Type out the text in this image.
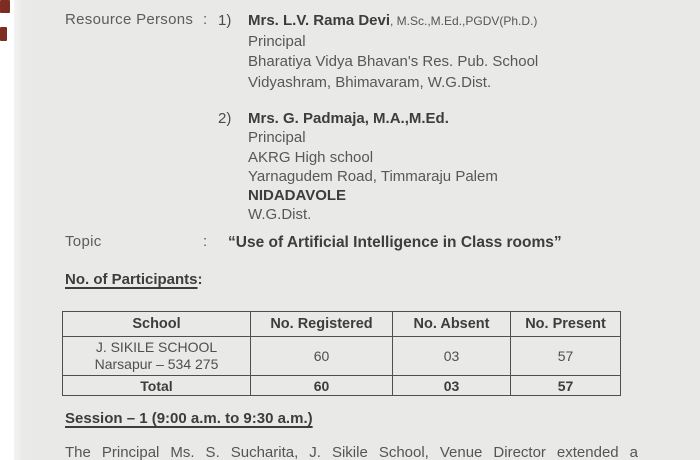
Resource Persons : 1)	Mrs. L.V. Rama Devi, M.Sc.,M.Ed.,PGDV(Ph.D.)
Principal
Bharatiya Vidya Bhavan's Res. Pub. School
Vidyashram, Bhimavaram, W.G.Dist.
2)	Mrs. G. Padmaja, M.A.,M.Ed.
Principal
AKRG High school
Yarnagudem Road, Timmaraju Palem
NIDADAVOLE
W.G.Dist.
Topic	: “Use of Artificial Intelligence in Class rooms”
No. of Participants:
School	No. Registered	No. Absent	No. Present

J. SIKILE SCHOOL
Narsapur – 534 275	60	03	57
Total	60	03	57
Session – 1 (9:00 a.m. to 9:30 a.m.)
The Principal Ms. S. Sucharita, J. Sikile School, Venue Director extended a
